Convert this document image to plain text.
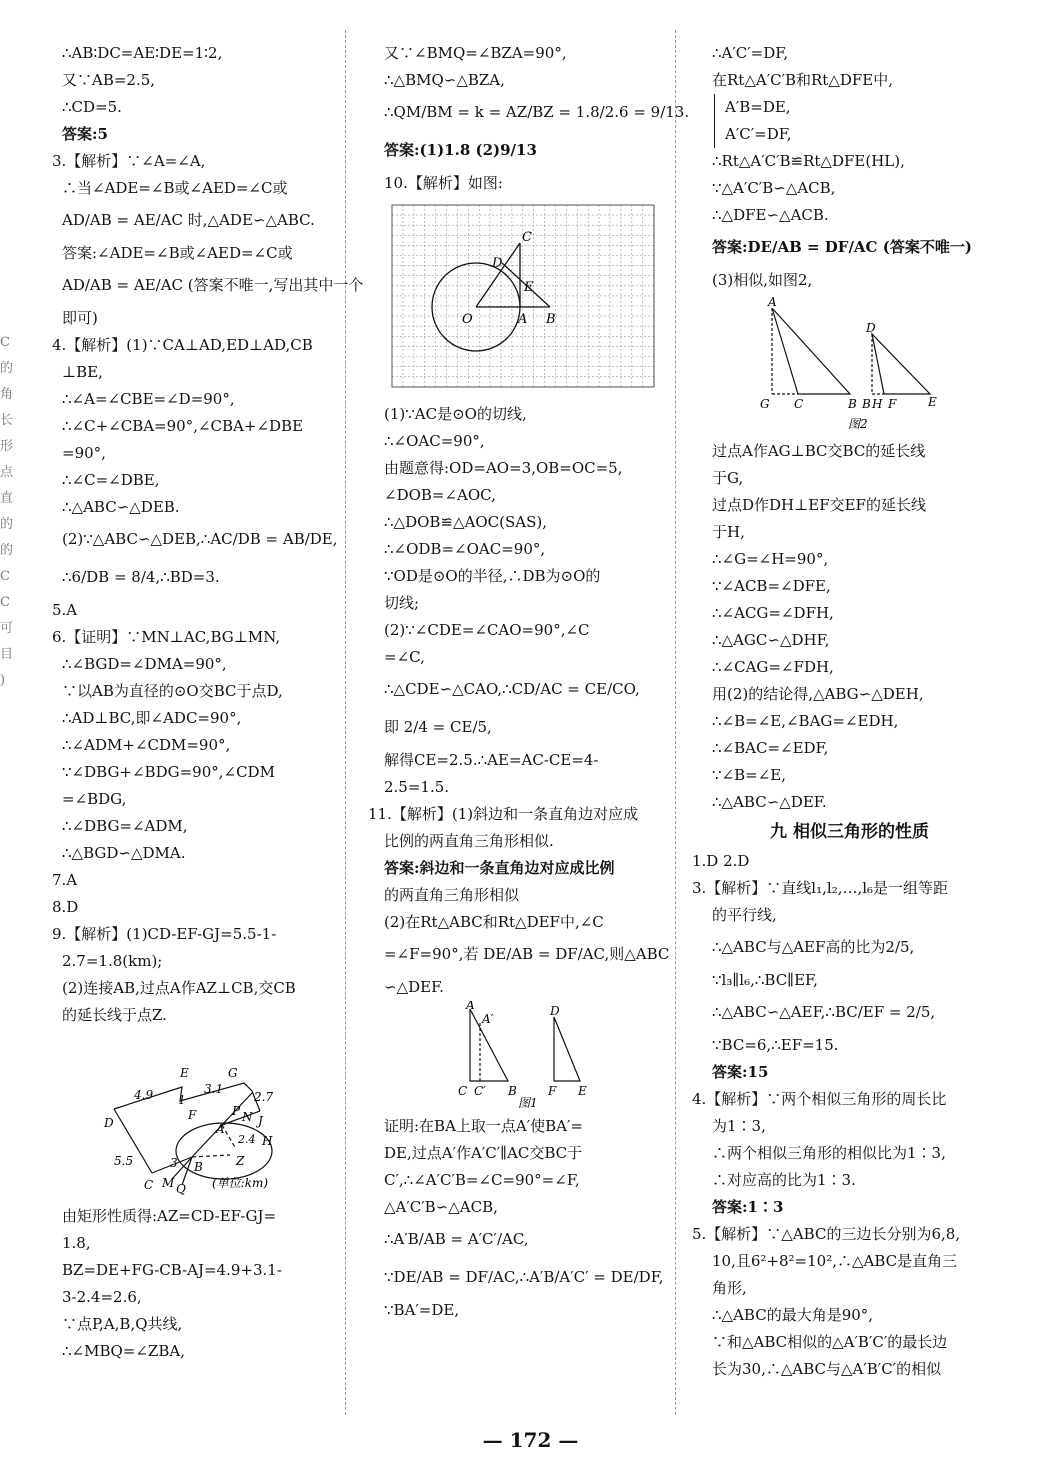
C
的
角
长
形
点
直
的
的
C
C
可
目
)
∴AB∶DC=AE∶DE=1∶2,
又∵AB=2.5,
∴CD=5.
答案:5
3.【解析】∵∠A=∠A,
∴当∠ADE=∠B或∠AED=∠C或
AD/AB = AE/AC 时,△ADE∽△ABC.
答案:∠ADE=∠B或∠AED=∠C或
AD/AB = AE/AC (答案不唯一,写出其中一个
即可)
4.【解析】(1)∵CA⊥AD,ED⊥AD,CB
⊥BE,
∴∠A=∠CBE=∠D=90°,
∴∠C+∠CBA=90°,∠CBA+∠DBE
=90°,
∴∠C=∠DBE,
∴△ABC∽△DEB.
(2)∵△ABC∽△DEB,∴AC/DB = AB/DE,
∴6/DB = 8/4,∴BD=3.
5.A
6.【证明】∵MN⊥AC,BG⊥MN,
∴∠BGD=∠DMA=90°,
∵以AB为直径的⊙O交BC于点D,
∴AD⊥BC,即∠ADC=90°,
∴∠ADM+∠CDM=90°,
∵∠DBG+∠BDG=90°,∠CDM
=∠BDG,
∴∠DBG=∠ADM,
∴△BGD∽△DMA.
7.A
8.D
9.【解析】(1)CD-EF-GJ=5.5-1-
2.7=1.8(km);
(2)连接AB,过点A作AZ⊥CB,交CB
的延长线于点Z.
4.9
E
3.1
G
1
F
2.7
D
P N J
A
2.4 H
Z
5.5	3 B
C M Q (单位:km)
由矩形性质得:AZ=CD-EF-GJ=
1.8,
BZ=DE+FG-CB-AJ=4.9+3.1-
3-2.4=2.6,
∵点P,A,B,Q共线,
∴∠MBQ=∠ZBA,
又∵∠BMQ=∠BZA=90°,
∴△BMQ∽△BZA,
∴QM/BM = k = AZ/BZ = 1.8/2.6 = 9/13.
答案:(1)1.8 (2)9/13
10.【解析】如图:
C
D
E
O	A B
(1)∵AC是⊙O的切线,
∴∠OAC=90°,
由题意得:OD=AO=3,OB=OC=5,
∠DOB=∠AOC,
∴△DOB≌△AOC(SAS),
∴∠ODB=∠OAC=90°,
∵OD是⊙O的半径,∴DB为⊙O的
切线;
(2)∵∠CDE=∠CAO=90°,∠C
=∠C,
∴△CDE∽△CAO,∴CD/AC = CE/CO,
即 2/4 = CE/5,
解得CE=2.5.∴AE=AC-CE=4-
2.5=1.5.
11.【解析】(1)斜边和一条直角边对应成
比例的两直角三角形相似.
答案:斜边和一条直角边对应成比例
的两直角三角形相似
(2)在Rt△ABC和Rt△DEF中,∠C
=∠F=90°,若 DE/AB = DF/AC,则△ABC
∽△DEF.
A
A′
C C′ B
D
F E
图1
证明:在BA上取一点A′使BA′=
DE,过点A′作A′C′∥AC交BC于
C′,∴∠A′C′B=∠C=90°=∠F,
△A′C′B∽△ACB,
∴A′B/AB = A′C′/AC,
∵DE/AB = DF/AC,∴A′B/A′C′ = DE/DF,
∵BA′=DE,
∴A′C′=DF,
在Rt△A′C′B和Rt△DFE中,
A′B=DE,
A′C′=DF,
∴Rt△A′C′B≌Rt△DFE(HL),
∵△A′C′B∽△ACB,
∴△DFE∽△ACB.
答案:DE/AB = DF/AC (答案不唯一)
(3)相似,如图2,
A
G C	B
D
B H F	E
图2
过点A作AG⊥BC交BC的延长线
于G,
过点D作DH⊥EF交EF的延长线
于H,
∴∠G=∠H=90°,
∵∠ACB=∠DFE,
∴∠ACG=∠DFH,
∴△AGC∽△DHF,
∴∠CAG=∠FDH,
用(2)的结论得,△ABG∽△DEH,
∴∠B=∠E,∠BAG=∠EDH,
∴∠BAC=∠EDF,
∵∠B=∠E,
∴△ABC∽△DEF.
九 相似三角形的性质
1.D 2.D
3.【解析】∵直线l₁,l₂,…,l₆是一组等距
的平行线,
∴△ABC与△AEF高的比为2/5,
∵l₃∥l₆,∴BC∥EF,
∴△ABC∽△AEF,∴BC/EF = 2/5,
∵BC=6,∴EF=15.
答案:15
4.【解析】∵两个相似三角形的周长比
为1∶3,
∴两个相似三角形的相似比为1∶3,
∴对应高的比为1∶3.
答案:1∶3
5.【解析】∵△ABC的三边长分别为6,8,
10,且6²+8²=10²,∴△ABC是直角三
角形,
∴△ABC的最大角是90°,
∵和△ABC相似的△A′B′C′的最长边
长为30,∴△ABC与△A′B′C′的相似
— 172 —
